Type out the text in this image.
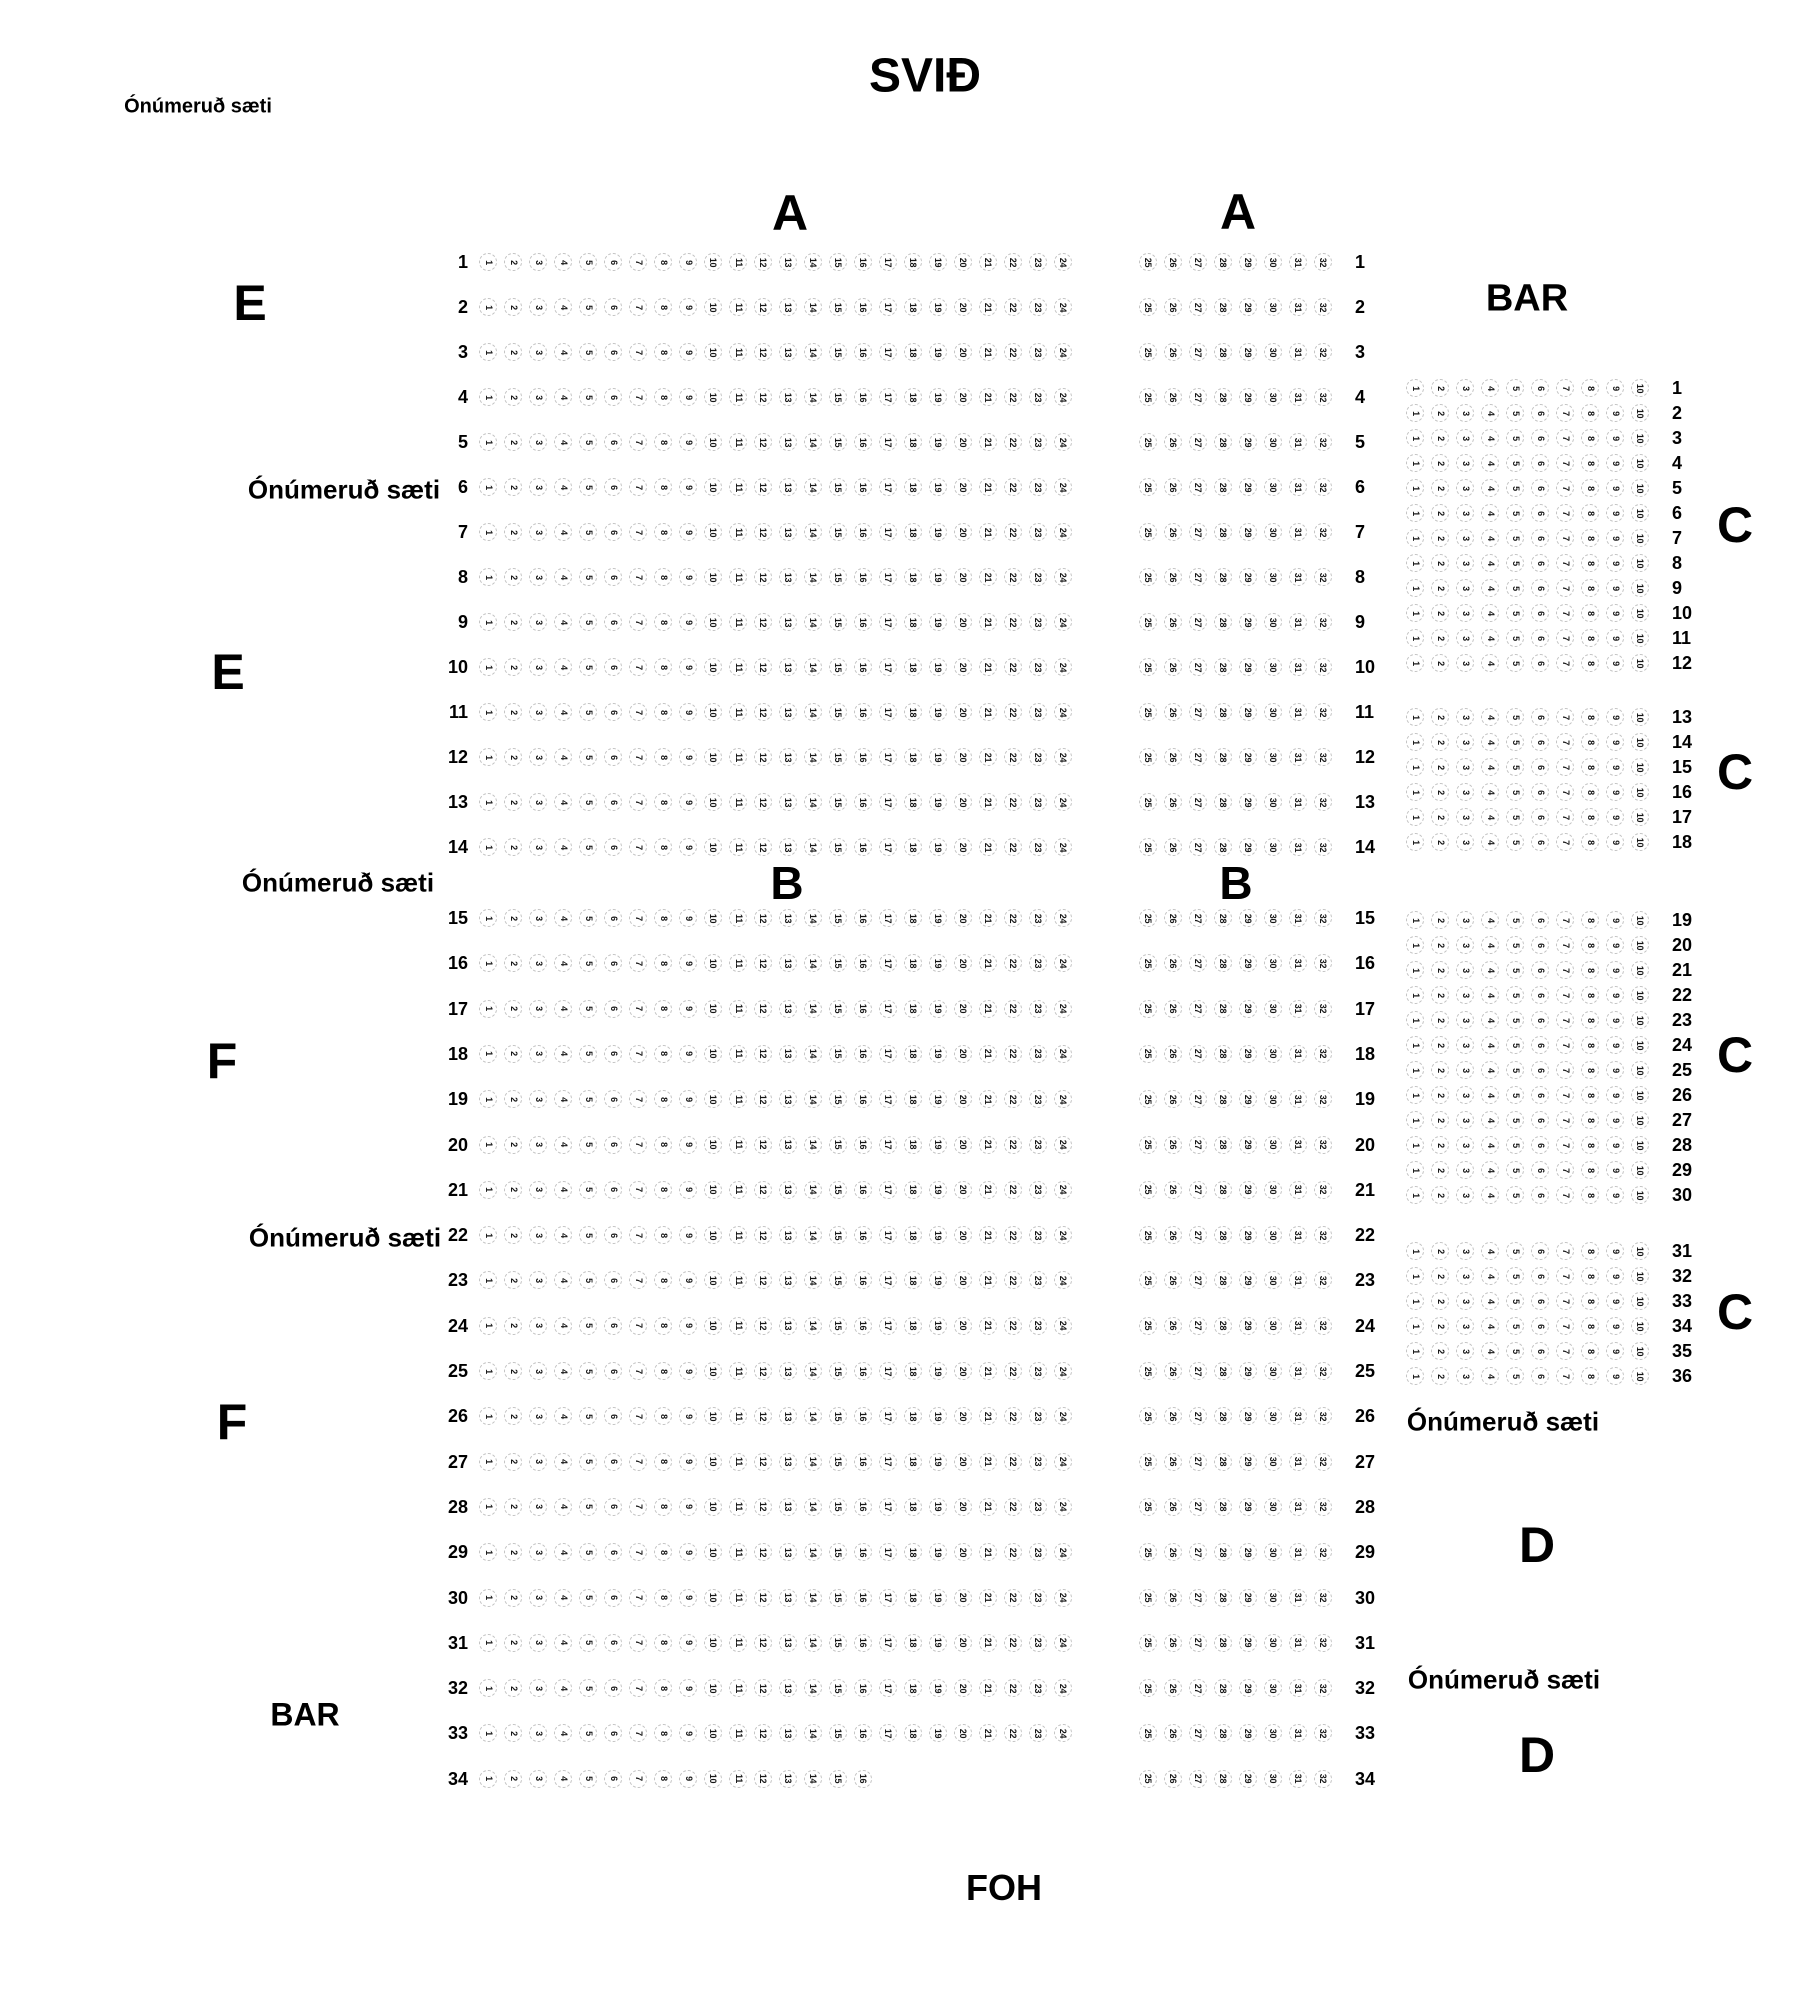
SVIÐ
Ónúmeruð sæti
A	A
E	BAR
Ónúmeruð sæti
E
B	B
Ónúmeruð sæti
F
Ónúmeruð sæti
F	Ónúmeruð sæti
D
Ónúmeruð sæti
D
BAR
FOH
C
C
C
C
1 1 2 3 4 5 6 7 8 9 10 11 12 13 14 15 16 17 18 19 20 21 22 23 24	25 26 27 28 29 30 31 32 1
2 1 2 3 4 5 6 7 8 9 10 11 12 13 14 15 16 17 18 19 20 21 22 23 24	25 26 27 28 29 30 31 32 2
3 1 2 3 4 5 6 7 8 9 10 11 12 13 14 15 16 17 18 19 20 21 22 23 24	25 26 27 28 29 30 31 32 3
4 1 2 3 4 5 6 7 8 9 10 11 12 13 14 15 16 17 18 19 20 21 22 23 24	25 26 27 28 29 30 31 32 4
5 1 2 3 4 5 6 7 8 9 10 11 12 13 14 15 16 17 18 19 20 21 22 23 24	25 26 27 28 29 30 31 32 5
6 1 2 3 4 5 6 7 8 9 10 11 12 13 14 15 16 17 18 19 20 21 22 23 24	25 26 27 28 29 30 31 32 6
7 1 2 3 4 5 6 7 8 9 10 11 12 13 14 15 16 17 18 19 20 21 22 23 24	25 26 27 28 29 30 31 32 7
8 1 2 3 4 5 6 7 8 9 10 11 12 13 14 15 16 17 18 19 20 21 22 23 24	25 26 27 28 29 30 31 32 8
9 1 2 3 4 5 6 7 8 9 10 11 12 13 14 15 16 17 18 19 20 21 22 23 24	25 26 27 28 29 30 31 32 9
10 1 2 3 4 5 6 7 8 9 10 11 12 13 14 15 16 17 18 19 20 21 22 23 24	25 26 27 28 29 30 31 32 10
11 1 2 3 4 5 6 7 8 9 10 11 12 13 14 15 16 17 18 19 20 21 22 23 24	25 26 27 28 29 30 31 32 11
12 1 2 3 4 5 6 7 8 9 10 11 12 13 14 15 16 17 18 19 20 21 22 23 24	25 26 27 28 29 30 31 32 12
13 1 2 3 4 5 6 7 8 9 10 11 12 13 14 15 16 17 18 19 20 21 22 23 24	25 26 27 28 29 30 31 32 13
14 1 2 3 4 5 6 7 8 9 10 11 12 13 14 15 16 17 18 19 20 21 22 23 24	25 26 27 28 29 30 31 32 14
15 1 2 3 4 5 6 7 8 9 10 11 12 13 14 15 16 17 18 19 20 21 22 23 24	25 26 27 28 29 30 31 32 15
16 1 2 3 4 5 6 7 8 9 10 11 12 13 14 15 16 17 18 19 20 21 22 23 24	25 26 27 28 29 30 31 32 16
17 1 2 3 4 5 6 7 8 9 10 11 12 13 14 15 16 17 18 19 20 21 22 23 24	25 26 27 28 29 30 31 32 17
18 1 2 3 4 5 6 7 8 9 10 11 12 13 14 15 16 17 18 19 20 21 22 23 24	25 26 27 28 29 30 31 32 18
19 1 2 3 4 5 6 7 8 9 10 11 12 13 14 15 16 17 18 19 20 21 22 23 24	25 26 27 28 29 30 31 32 19
20 1 2 3 4 5 6 7 8 9 10 11 12 13 14 15 16 17 18 19 20 21 22 23 24	25 26 27 28 29 30 31 32 20
21 1 2 3 4 5 6 7 8 9 10 11 12 13 14 15 16 17 18 19 20 21 22 23 24	25 26 27 28 29 30 31 32 21
22 1 2 3 4 5 6 7 8 9 10 11 12 13 14 15 16 17 18 19 20 21 22 23 24	25 26 27 28 29 30 31 32 22
23 1 2 3 4 5 6 7 8 9 10 11 12 13 14 15 16 17 18 19 20 21 22 23 24	25 26 27 28 29 30 31 32 23
24 1 2 3 4 5 6 7 8 9 10 11 12 13 14 15 16 17 18 19 20 21 22 23 24	25 26 27 28 29 30 31 32 24
25 1 2 3 4 5 6 7 8 9 10 11 12 13 14 15 16 17 18 19 20 21 22 23 24	25 26 27 28 29 30 31 32 25
26 1 2 3 4 5 6 7 8 9 10 11 12 13 14 15 16 17 18 19 20 21 22 23 24	25 26 27 28 29 30 31 32 26
27 1 2 3 4 5 6 7 8 9 10 11 12 13 14 15 16 17 18 19 20 21 22 23 24	25 26 27 28 29 30 31 32 27
28 1 2 3 4 5 6 7 8 9 10 11 12 13 14 15 16 17 18 19 20 21 22 23 24	25 26 27 28 29 30 31 32 28
29 1 2 3 4 5 6 7 8 9 10 11 12 13 14 15 16 17 18 19 20 21 22 23 24	25 26 27 28 29 30 31 32 29
30 1 2 3 4 5 6 7 8 9 10 11 12 13 14 15 16 17 18 19 20 21 22 23 24	25 26 27 28 29 30 31 32 30
31 1 2 3 4 5 6 7 8 9 10 11 12 13 14 15 16 17 18 19 20 21 22 23 24	25 26 27 28 29 30 31 32 31
32 1 2 3 4 5 6 7 8 9 10 11 12 13 14 15 16 17 18 19 20 21 22 23 24	25 26 27 28 29 30 31 32 32
33 1 2 3 4 5 6 7 8 9 10 11 12 13 14 15 16 17 18 19 20 21 22 23 24	25 26 27 28 29 30 31 32 33
34 1 2 3 4 5 6 7 8 9 10 11 12 13 14 15 16	25 26 27 28 29 30 31 32 34
1 2 3 4 5 6 7 8 9 10 1
1 2 3 4 5 6 7 8 9 10 2
1 2 3 4 5 6 7 8 9 10 3
1 2 3 4 5 6 7 8 9 10 4
1 2 3 4 5 6 7 8 9 10 5
1 2 3 4 5 6 7 8 9 10 6
1 2 3 4 5 6 7 8 9 10 7
1 2 3 4 5 6 7 8 9 10 8
1 2 3 4 5 6 7 8 9 10 9
1 2 3 4 5 6 7 8 9 10 10
1 2 3 4 5 6 7 8 9 10 11
1 2 3 4 5 6 7 8 9 10 12
1 2 3 4 5 6 7 8 9 10 13
1 2 3 4 5 6 7 8 9 10 14
1 2 3 4 5 6 7 8 9 10 15
1 2 3 4 5 6 7 8 9 10 16
1 2 3 4 5 6 7 8 9 10 17
1 2 3 4 5 6 7 8 9 10 18
1 2 3 4 5 6 7 8 9 10 19
1 2 3 4 5 6 7 8 9 10 20
1 2 3 4 5 6 7 8 9 10 21
1 2 3 4 5 6 7 8 9 10 22
1 2 3 4 5 6 7 8 9 10 23
1 2 3 4 5 6 7 8 9 10 24
1 2 3 4 5 6 7 8 9 10 25
1 2 3 4 5 6 7 8 9 10 26
1 2 3 4 5 6 7 8 9 10 27
1 2 3 4 5 6 7 8 9 10 28
1 2 3 4 5 6 7 8 9 10 29
1 2 3 4 5 6 7 8 9 10 30
1 2 3 4 5 6 7 8 9 10 31
1 2 3 4 5 6 7 8 9 10 32
1 2 3 4 5 6 7 8 9 10 33
1 2 3 4 5 6 7 8 9 10 34
1 2 3 4 5 6 7 8 9 10 35
1 2 3 4 5 6 7 8 9 10 36
